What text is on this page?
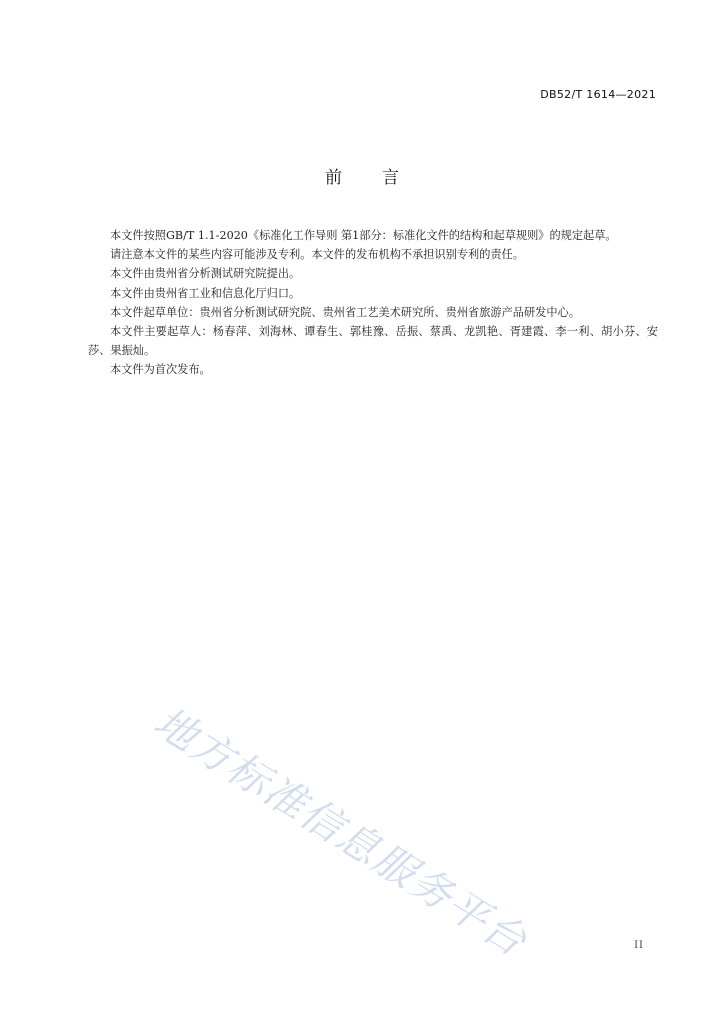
DB52/T 1614—2021
前 言

本文件按照GB/T 1.1-2020《标准化工作导则 第1部分：标准化文件的结构和起草规则》的规定起草。

请注意本文件的某些内容可能涉及专利。本文件的发布机构不承担识别专利的责任。

本文件由贵州省分析测试研究院提出。

本文件由贵州省工业和信息化厅归口。

本文件起草单位：贵州省分析测试研究院、贵州省工艺美术研究所、贵州省旅游产品研发中心。

本文件主要起草人：杨春萍、刘海林、谭春生、郭桂豫、岳振、蔡禹、龙凯艳、胥建霞、李一利、胡小芬、安莎、果振灿。

本文件为首次发布。

地方标准信息服务平台	II
